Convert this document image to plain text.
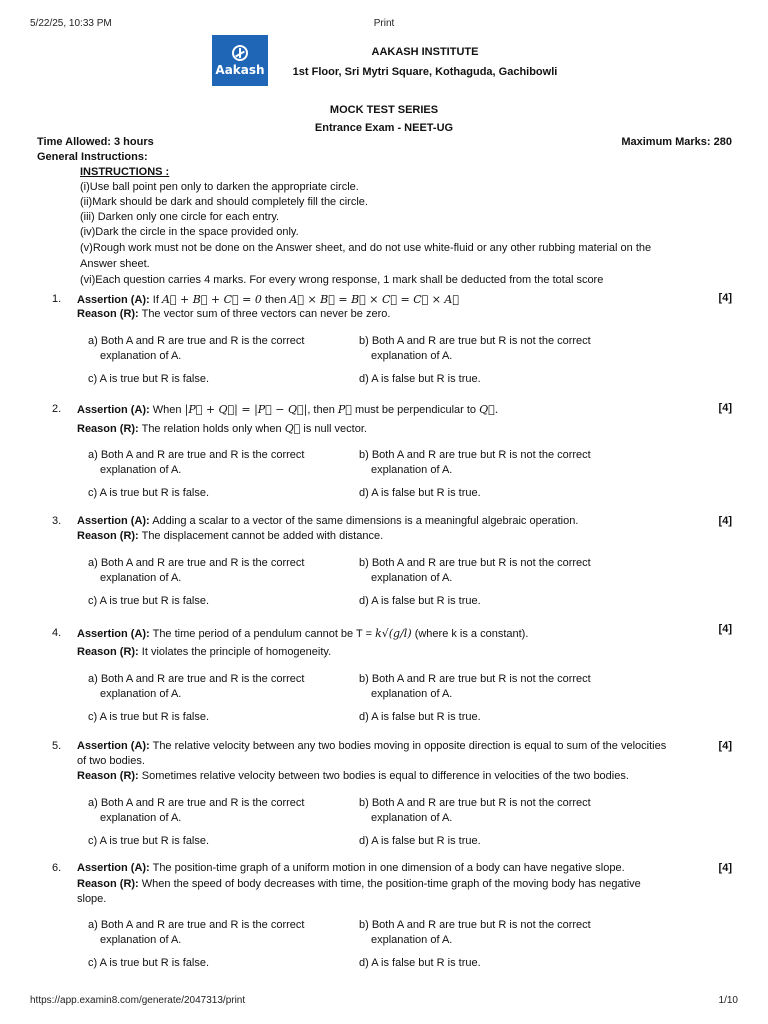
5/22/25, 10:33 PM	Print
Aakash
AAKASH INSTITUTE
1st Floor, Sri Mytri Square, Kothaguda, Gachibowli
MOCK TEST SERIES
Entrance Exam - NEET-UG
Time Allowed: 3 hours	Maximum Marks: 280
General Instructions:
INSTRUCTIONS :
(i)Use ball point pen only to darken the appropriate circle.
(ii)Mark should be dark and should completely fill the circle.
(iii) Darken only one circle for each entry.
(iv)Dark the circle in the space provided only.
(v)Rough work must not be done on the Answer sheet, and do not use white-fluid or any other rubbing material on the
Answer sheet.
(vi)Each question carries 4 marks. For every wrong response, 1 mark shall be deducted from the total score
1. Assertion (A): If A⃗ + B⃗ + C⃗ = 0 then A⃗ × B⃗ = B⃗ × C⃗ = C⃗ × A⃗	[4]
Reason (R): The vector sum of three vectors can never be zero.
a) Both A and R are true and R is the correct
explanation of A.
b) Both A and R are true but R is not the correct
explanation of A.
c) A is true but R is false.	d) A is false but R is true.
2. Assertion (A): When |P⃗ + Q⃗| = |P⃗ − Q⃗|, then P⃗ must be perpendicular to Q⃗.	[4]
Reason (R): The relation holds only when Q⃗ is null vector.
a) Both A and R are true and R is the correct
explanation of A.
b) Both A and R are true but R is not the correct
explanation of A.
c) A is true but R is false.	d) A is false but R is true.
3. Assertion (A): Adding a scalar to a vector of the same dimensions is a meaningful algebraic operation.	[4]
Reason (R): The displacement cannot be added with distance.
a) Both A and R are true and R is the correct
explanation of A.
b) Both A and R are true but R is not the correct
explanation of A.
c) A is true but R is false.	d) A is false but R is true.
4. Assertion (A): The time period of a pendulum cannot be T = k√(g/l) (where k is a constant).	[4]
Reason (R): It violates the principle of homogeneity.
a) Both A and R are true and R is the correct
explanation of A.
b) Both A and R are true but R is not the correct
explanation of A.
c) A is true but R is false.	d) A is false but R is true.
5. Assertion (A): The relative velocity between any two bodies moving in opposite direction is equal to sum of the velocities
of two bodies.
[4]
Reason (R): Sometimes relative velocity between two bodies is equal to difference in velocities of the two bodies.
a) Both A and R are true and R is the correct
explanation of A.
b) Both A and R are true but R is not the correct
explanation of A.
c) A is true but R is false.	d) A is false but R is true.
6. Assertion (A): The position-time graph of a uniform motion in one dimension of a body can have negative slope.	[4]
Reason (R): When the speed of body decreases with time, the position-time graph of the moving body has negative
slope.
a) Both A and R are true and R is the correct
explanation of A.
b) Both A and R are true but R is not the correct
explanation of A.
c) A is true but R is false.	d) A is false but R is true.
https://app.examin8.com/generate/2047313/print	1/10
